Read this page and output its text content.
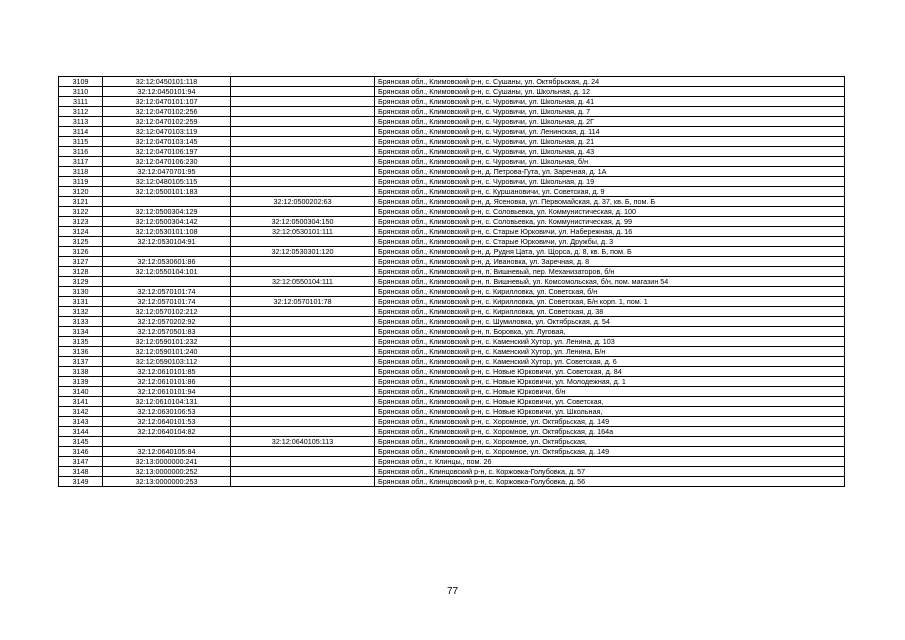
3109	32:12:0450101:118		Брянская обл., Климовский р-н, с. Сушаны, ул. Октябрьская, д. 24
3110	32:12:0450101:94		Брянская обл., Климовский р-н, с. Сушаны, ул. Школьная, д. 12
3111	32:12:0470101:107		Брянская обл., Климовский р-н, с. Чуровичи, ул. Школьная, д. 41
3112	32:12:0470102:256		Брянская обл., Климовский р-н, с. Чуровичи, ул. Школьная, д. 7
3113	32:12:0470102:259		Брянская обл., Климовский р-н, с. Чуровичи, ул. Школьная, д. 2Г
3114	32:12:0470103:119		Брянская обл., Климовский р-н, с. Чуровичи, ул. Ленинская, д. 114
3115	32:12:0470103:145		Брянская обл., Климовский р-н, с. Чуровичи, ул. Школьная, д. 21
3116	32:12:0470106:197		Брянская обл., Климовский р-н, с. Чуровичи, ул. Школьная, д. 43
3117	32:12:0470106:230		Брянская обл., Климовский р-н, с. Чуровичи, ул. Школьная, б/н
3118	32:12:0470701:95		Брянская обл., Климовский р-н, д. Петрова-Гута, ул. Заречная, д. 1А
3119	32:12:0480105:115		Брянская обл., Климовский р-н, с. Чуровичи, ул. Школьная, д. 19
3120	32:12:0500101:183		Брянская обл., Климовский р-н, с. Куршановичи, ул. Советская, д. 9
3121		32:12:0500202:63	Брянская обл., Климовский р-н, д. Ясеновка, ул. Первомайская, д. 37, кв. Б, пом. Б
3122	32:12:0500304:129		Брянская обл., Климовский р-н, с. Соловьевка, ул. Коммунистическая, д. 100
3123	32:12:0500304:142	32:12:0500304:150	Брянская обл., Климовский р-н, с. Соловьевка, ул. Коммунистическая, д. 99
3124	32:12:0530101:108	32:12:0530101:111	Брянская обл., Климовский р-н, с. Старые Юрковичи, ул. Набережная, д. 16
3125	32:12:0530104:91		Брянская обл., Климовский р-н, с. Старые Юрковичи, ул. Дружбы, д. 3
3126		32:12:0530301:120	Брянская обл., Климовский р-н, д. Рудня Цата, ул. Щорса, д. 8, кв. Б, пом. Б
3127	32:12:0530601:86		Брянская обл., Климовский р-н, д. Ивановка, ул. Заречная, д. 8
3128	32:12:0550104:101		Брянская обл., Климовский р-н, п. Вишневый, пер. Механизаторов, б/н
3129		32:12:0550104:111	Брянская обл., Климовский р-н, п. Вишневый, ул. Комсомольская, б/н, пом. магазин 54
3130	32:12:0570101:74		Брянская обл., Климовский р-н, с. Кирилловка, ул. Советская, б/н
3131	32:12:0570101:74	32:12:0570101:78	Брянская обл., Климовский р-н, с. Кирилловка, ул. Советская, Б/н корп. 1, пом. 1
3132	32:12:0570102:212		Брянская обл., Климовский р-н, с. Кирилловка, ул. Советская, д. 38
3133	32:12:0570202:92		Брянская обл., Климовский р-н, с. Шумиловка, ул. Октябрьская, д. 54
3134	32:12:0570501:83		Брянская обл., Климовский р-н, п. Боровка, ул. Луговая,
3135	32:12:0590101:232		Брянская обл., Климовский р-н, с. Каменский Хутор, ул. Ленина, д. 103
3136	32:12:0590101:240		Брянская обл., Климовский р-н, с. Каменский Хутор, ул. Ленина, Б/н
3137	32:12:0590103:112		Брянская обл., Климовский р-н, с. Каменский Хутор, ул. Советская, д. 6
3138	32:12:0610101:85		Брянская обл., Климовский р-н, с. Новые Юрковичи, ул. Советская, д. 84
3139	32:12:0610101:86		Брянская обл., Климовский р-н, с. Новые Юрковичи, ул. Молодежная, д. 1
3140	32:12:0610101:94		Брянская обл., Климовский р-н, с. Новые Юрковичи, б/н
3141	32:12:0610104:131		Брянская обл., Климовский р-н, с. Новые Юрковичи, ул. Советская,
3142	32:12:0630106:53		Брянская обл., Климовский р-н, с. Новые Юрковичи, ул. Школьная,
3143	32:12:0640101:53		Брянская обл., Климовский р-н, с. Хоромное, ул. Октябрьская, д. 149
3144	32:12:0640104:82		Брянская обл., Климовский р-н, с. Хоромное, ул. Октябрьская, д. 164а
3145		32:12:0640105:113	Брянская обл., Климовский р-н, с. Хоромное, ул. Октябрьская,
3146	32:12:0640105:84		Брянская обл., Климовский р-н, с. Хоромное, ул. Октябрьская, д. 149
3147	32:13:0000000:241		Брянская обл., г. Клинцы,, пом. 26
3148	32:13:0000000:252		Брянская обл., Клинцовский р-н, с. Коржовка-Голубовка, д. 57
3149	32:13:0000000:253		Брянская обл., Клинцовский р-н, с. Коржовка-Голубовка, д. 56
77
